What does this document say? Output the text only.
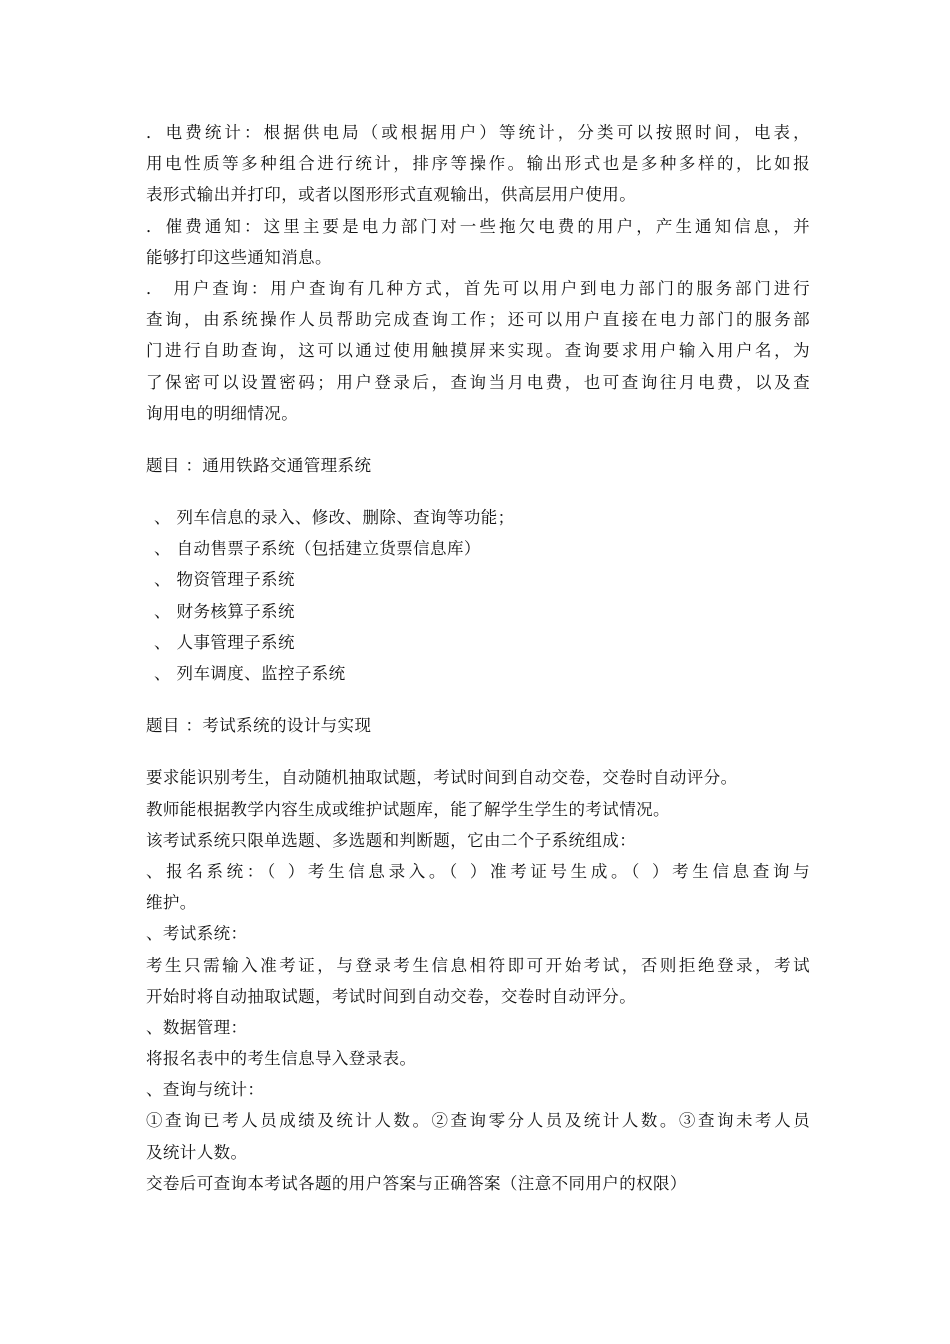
．电费统计：根据供电局（或根据用户）等统计，分类可以按照时间，电表，
用电性质等多种组合进行统计，排序等操作。输出形式也是多种多样的，比如报
表形式输出并打印，或者以图形形式直观输出，供高层用户使用。
．催费通知：这里主要是电力部门对一些拖欠电费的用户，产生通知信息，并
能够打印这些通知消息。
． 用户查询：用户查询有几种方式，首先可以用户到电力部门的服务部门进行
查询，由系统操作人员帮助完成查询工作；还可以用户直接在电力部门的服务部
门进行自助查询，这可以通过使用触摸屏来实现。查询要求用户输入用户名，为
了保密可以设置密码；用户登录后，查询当月电费，也可查询往月电费，以及查
询用电的明细情况。
题目 ：通用铁路交通管理系统
、 列车信息的录入、修改、删除、查询等功能；
、 自动售票子系统（包括建立货票信息库）
、 物资管理子系统
、 财务核算子系统
、 人事管理子系统
、 列车调度、监控子系统
题目 ：考试系统的设计与实现
要求能识别考生，自动随机抽取试题，考试时间到自动交卷，交卷时自动评分。
教师能根据教学内容生成或维护试题库，能了解学生学生的考试情况。
该考试系统只限单选题、多选题和判断题，它由二个子系统组成：
、报名系统：（ ）考生信息录入。（ ）准考证号生成。（ ）考生信息查询与
维护。
、考试系统：
考生只需输入准考证，与登录考生信息相符即可开始考试，否则拒绝登录，考试
开始时将自动抽取试题，考试时间到自动交卷，交卷时自动评分。
、数据管理：
将报名表中的考生信息导入登录表。
、查询与统计：
①查询已考人员成绩及统计人数。②查询零分人员及统计人数。③查询未考人员
及统计人数。
交卷后可查询本考试各题的用户答案与正确答案（注意不同用户的权限）
